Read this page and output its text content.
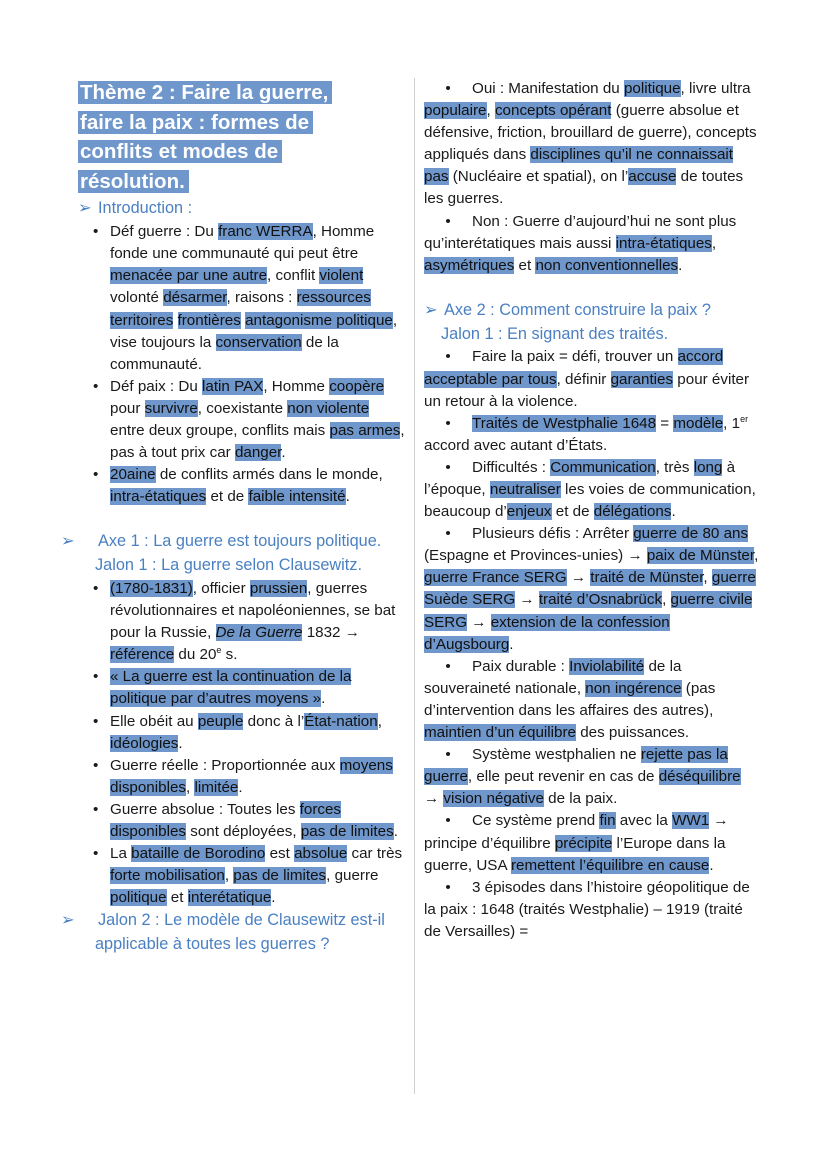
Thème 2 : Faire la guerre,
faire la paix : formes de
conflits et modes de
résolution.
➢ Introduction :
• Déf guerre : Du franc WERRA, Homme fonde une communauté qui peut être menacée par une autre, conflit violent volonté désarmer, raisons : ressources territoires frontières antagonisme politique, vise toujours la conservation de la communauté.
• Déf paix : Du latin PAX, Homme coopère pour survivre, coexistante non violente entre deux groupe, conflits mais pas armes, pas à tout prix car danger.
• 20aine de conflits armés dans le monde, intra-étatiques et de faible intensité.
➢ Axe 1 : La guerre est toujours politique.
Jalon 1 : La guerre selon Clausewitz.
• (1780-1831), officier prussien, guerres révolutionnaires et napoléoniennes, se bat pour la Russie, De la Guerre 1832 → référence du 20e s.
• « La guerre est la continuation de la politique par d’autres moyens ».
• Elle obéit au peuple donc à l’État-nation, idéologies.
• Guerre réelle : Proportionnée aux moyens disponibles, limitée.
• Guerre absolue : Toutes les forces disponibles sont déployées, pas de limites.
• La bataille de Borodino est absolue car très forte mobilisation, pas de limites, guerre politique et interétatique.
➢ Jalon 2 : Le modèle de Clausewitz est-il applicable à toutes les guerres ?
• Oui : Manifestation du politique, livre ultra populaire, concepts opérant (guerre absolue et défensive, friction, brouillard de guerre), concepts appliqués dans disciplines qu’il ne connaissait pas (Nucléaire et spatial), on l’accuse de toutes les guerres.
• Non : Guerre d’aujourd’hui ne sont plus qu’interétatiques mais aussi intra-étatiques, asymétriques et non conventionnelles.
➢ Axe 2 : Comment construire la paix ?
Jalon 1 : En signant des traités.
• Faire la paix = défi, trouver un accord acceptable par tous, définir garanties pour éviter un retour à la violence.
• Traités de Westphalie 1648 = modèle, 1er accord avec autant d’États.
• Difficultés : Communication, très long à l’époque, neutraliser les voies de communication, beaucoup d’enjeux et de délégations.
• Plusieurs défis : Arrêter guerre de 80 ans (Espagne et Provinces-unies) → paix de Münster, guerre France SERG → traité de Münster, guerre Suède SERG → traité d’Osnabrück, guerre civile SERG → extension de la confession d’Augsbourg.
• Paix durable : Inviolabilité de la souveraineté nationale, non ingérence (pas d’intervention dans les affaires des autres), maintien d’un équilibre des puissances.
• Système westphalien ne rejette pas la guerre, elle peut revenir en cas de déséquilibre → vision négative de la paix.
• Ce système prend fin avec la WW1 → principe d’équilibre précipite l’Europe dans la guerre, USA remettent l’équilibre en cause.
• 3 épisodes dans l’histoire géopolitique de la paix : 1648 (traités Westphalie) – 1919 (traité de Versailles) =
